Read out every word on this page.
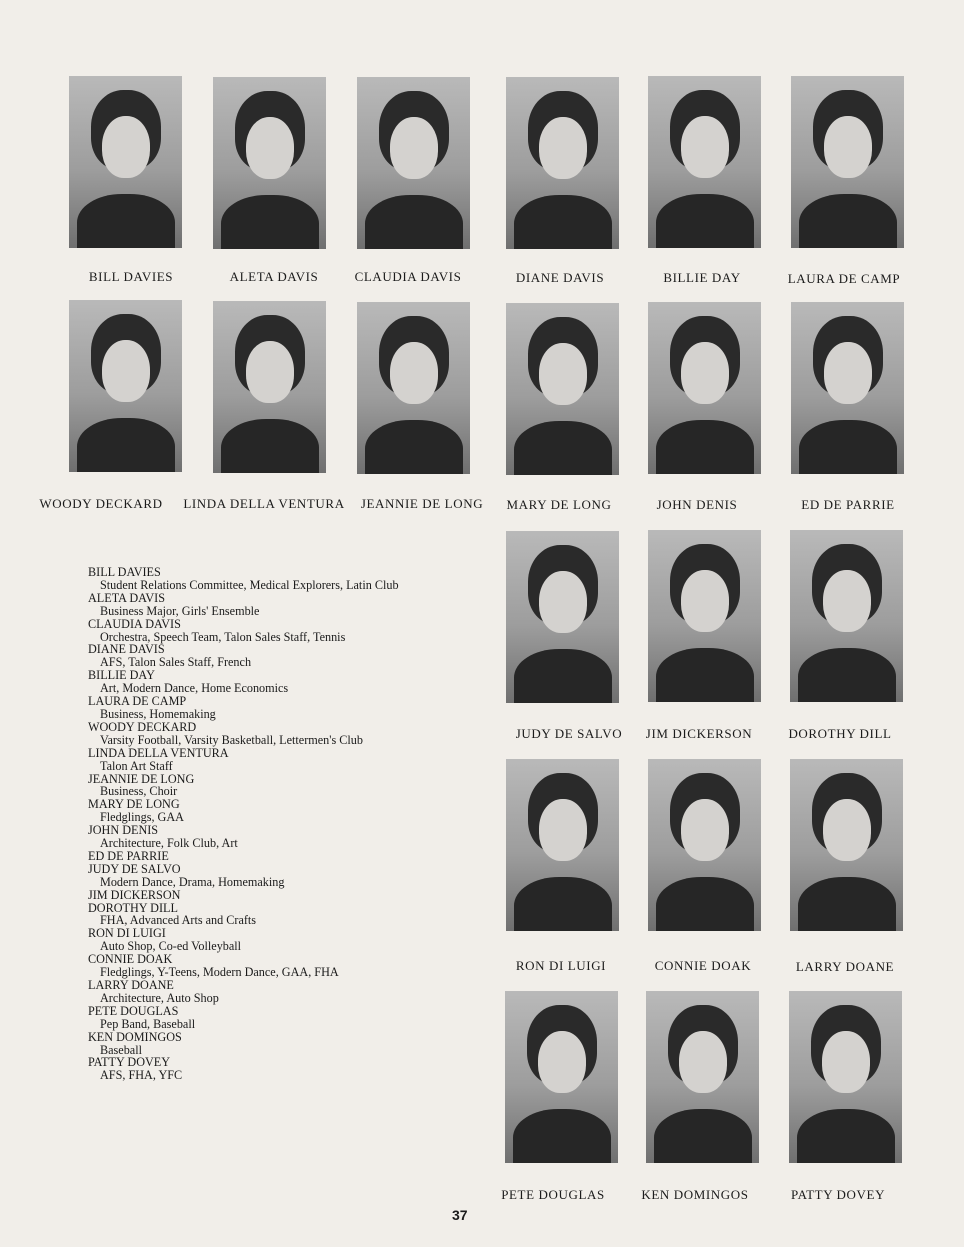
BILL DAVIES	ALETA DAVIS	CLAUDIA DAVIS	DIANE DAVIS	BILLIE DAY	LAURA DE CAMP
WOODY DECKARD	LINDA DELLA VENTURA	JEANNIE DE LONG	MARY DE LONG	JOHN DENIS	ED DE PARRIE
JUDY DE SALVO	JIM DICKERSON	DOROTHY DILL
RON DI LUIGI	CONNIE DOAK	LARRY DOANE
PETE DOUGLAS	KEN DOMINGOS	PATTY DOVEY

BILL DAVIES

Student Relations Committee, Medical Explorers, Latin Club

ALETA DAVIS

Business Major, Girls' Ensemble

CLAUDIA DAVIS

Orchestra, Speech Team, Talon Sales Staff, Tennis

DIANE DAVIS

AFS, Talon Sales Staff, French

BILLIE DAY

Art, Modern Dance, Home Economics

LAURA DE CAMP

Business, Homemaking

WOODY DECKARD

Varsity Football, Varsity Basketball, Lettermen's Club

LINDA DELLA VENTURA

Talon Art Staff

JEANNIE DE LONG

Business, Choir

MARY DE LONG

Fledglings, GAA

JOHN DENIS

Architecture, Folk Club, Art

ED DE PARRIE

JUDY DE SALVO

Modern Dance, Drama, Homemaking

JIM DICKERSON

DOROTHY DILL

FHA, Advanced Arts and Crafts

RON DI LUIGI

Auto Shop, Co-ed Volleyball

CONNIE DOAK

Fledglings, Y-Teens, Modern Dance, GAA, FHA

LARRY DOANE

Architecture, Auto Shop

PETE DOUGLAS

Pep Band, Baseball

KEN DOMINGOS

Baseball

PATTY DOVEY

AFS, FHA, YFC

37
